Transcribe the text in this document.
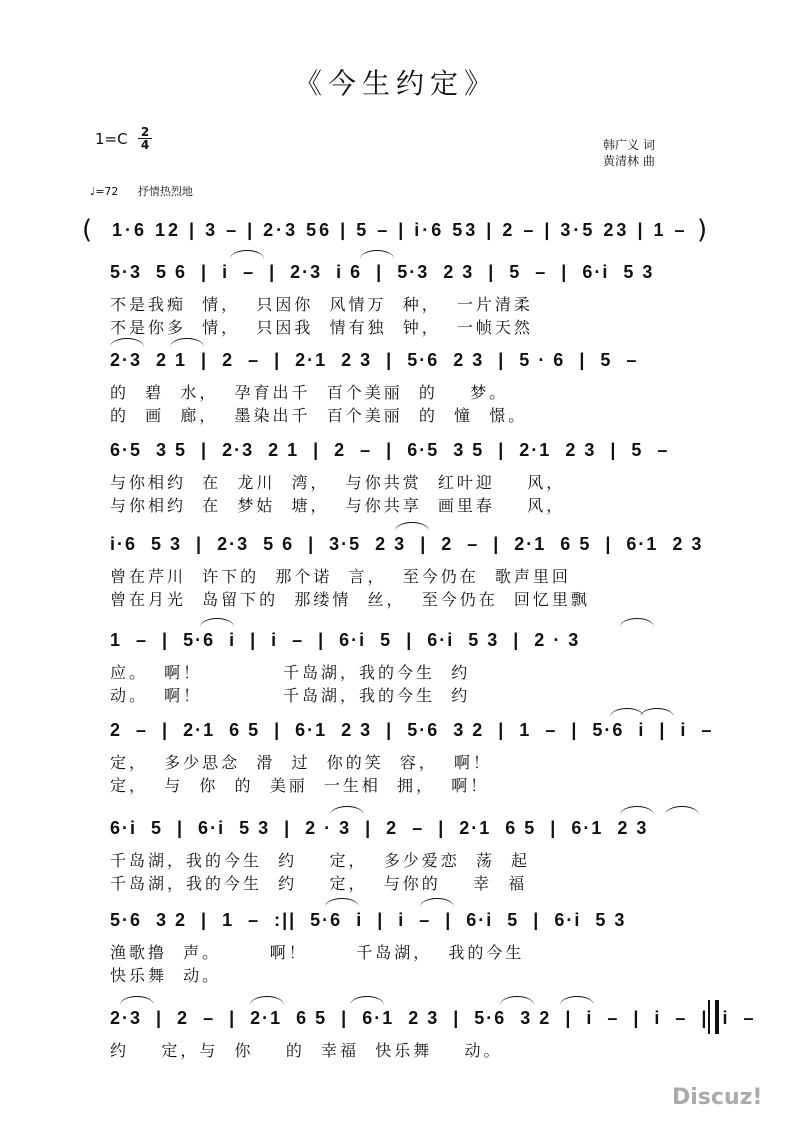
《今生约定》
1=C 2
4	韩广义 词
黄清林 曲
♩=72 抒情热烈地
(	)
1·6 12 | 3 – | 2·3 56 | 5 – | i·6 53 | 2 – | 3·5 23 | 1 –
5·3  5 6  |  i  –  |  2·3  i 6  |  5·3  2 3  |  5  –  |  6·i  5 3
不是我痴  情，  只因你  风情万  种，  一片清柔
不是你多  情，  只因我  情有独  钟，  一帧天然
2·3  2 1  |  2  –  |  2·1  2 3  |  5·6  2 3  |  5 · 6  |  5  –
的  碧  水，  孕育出千  百个美丽  的    梦。
的  画  廊，  墨染出千  百个美丽  的  憧  憬。
6·5  3 5  |  2·3  2 1  |  2  –  |  6·5  3 5  |  2·1  2 3  |  5  –
与你相约  在  龙川  湾，  与你共赏  红叶迎    风，
与你相约  在  梦姑  塘，  与你共享  画里春    风，
i·6  5 3  |  2·3  5 6  |  3·5  2 3  |  2  –  |  2·1  6 5  |  6·1  2 3
曾在芹川  许下的  那个诺  言，  至今仍在  歌声里回
曾在月光  岛留下的  那缕情  丝，  至今仍在  回忆里飘
1  –  |  5·6  i  |  i  –  |  6·i  5  |  6·i  5 3  |  2 · 3
应。  啊！          千岛湖，我的今生  约
动。  啊！          千岛湖，我的今生  约
2  –  |  2·1  6 5  |  6·1  2 3  |  5·6  3 2  |  1  –  |  5·6  i  |  i  –
定，  多少思念  滑  过  你的笑  容，  啊！
定，  与  你  的  美丽  一生相  拥，  啊！
6·i  5  |  6·i  5 3  |  2 · 3  |  2  –  |  2·1  6 5  |  6·1  2 3
千岛湖，我的今生  约    定，  多少爱恋  荡  起
千岛湖，我的今生  约    定，  与你的    幸  福
5·6  3 2  |  1  –  :||  5·6  i  |  i  –  |  6·i  5  |  6·i  5 3
渔歌撸  声。      啊！      千岛湖，  我的今生
快乐舞  动。
2·3  |  2  –  |  2·1  6 5  |  6·1  2 3  |  5·6  3 2  |  i  –  |  i  –  |  i  –
约    定，与  你    的  幸福  快乐舞    动。
Discuz!
